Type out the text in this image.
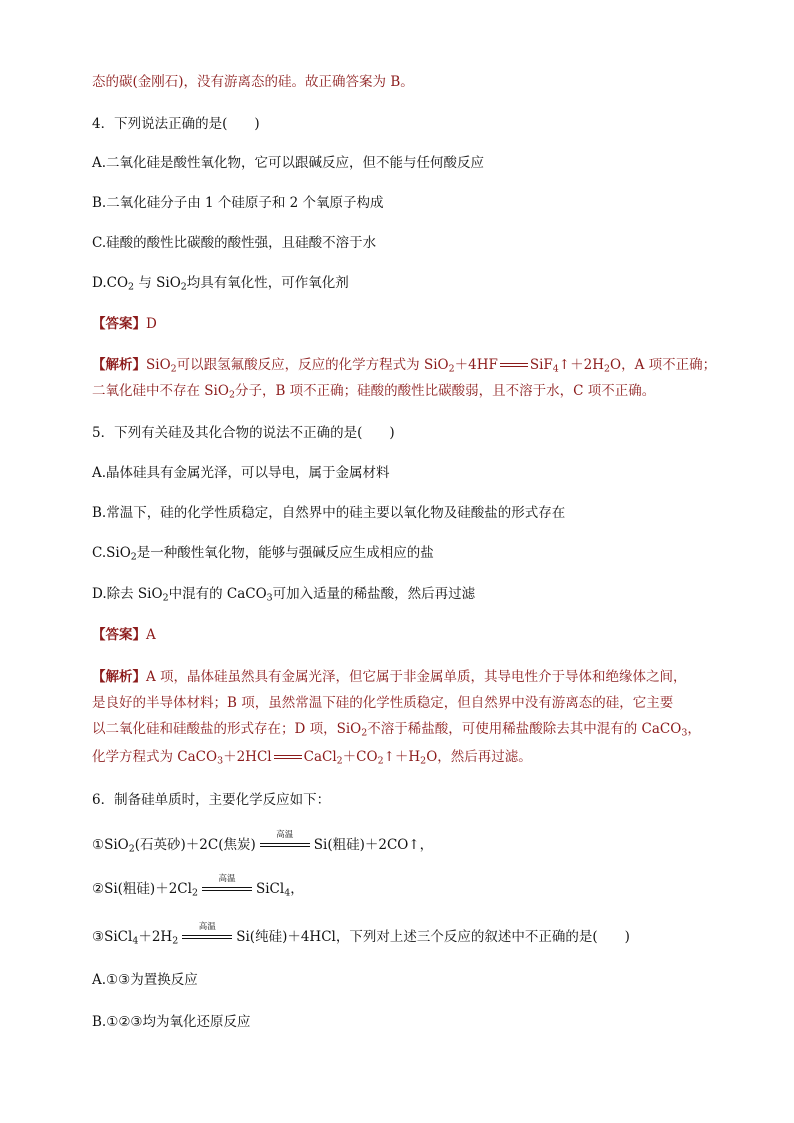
态的碳(金刚石)，没有游离态的硅。故正确答案为 B。
4．下列说法正确的是(　　)
A.二氧化硅是酸性氧化物，它可以跟碱反应，但不能与任何酸反应
B.二氧化硅分子由 1 个硅原子和 2 个氧原子构成
C.硅酸的酸性比碳酸的酸性强，且硅酸不溶于水
$D.CO_2$ 与 SiO$_2$均具有氧化性，可作氧化剂
【答案】D
【解析】SiO$_2$可以跟氢氟酸反应，反应的化学方程式为 SiO$_2$＋4HF $SiF_4↑+2H_2O$，A 项不正确；
二氧化硅中不存在 SiO$_2$分子，B 项不正确；硅酸的酸性比碳酸弱，且不溶于水，C 项不正确。
5．下列有关硅及其化合物的说法不正确的是(　　)
A.晶体硅具有金属光泽，可以导电，属于金属材料
B.常温下，硅的化学性质稳定，自然界中的硅主要以氧化物及硅酸盐的形式存在
C.SiO$_2$是一种酸性氧化物，能够与强碱反应生成相应的盐
D.除去 SiO$_2$中混有的 CaCO$_3$可加入适量的稀盐酸，然后再过滤
【答案】A
【解析】A 项，晶体硅虽然具有金属光泽，但它属于非金属单质，其导电性介于导体和绝缘体之间，
是良好的半导体材料；B 项，虽然常温下硅的化学性质稳定，但自然界中没有游离态的硅，它主要
以二氧化硅和硅酸盐的形式存在；D 项，SiO$_2$不溶于稀盐酸，可使用稀盐酸除去其中混有的 CaCO$_3$，
化学方程式为 CaCO$_3$＋2HCl $CaCl_2+CO_2↑+H_2O$，然后再过滤。
6．制备硅单质时，主要化学反应如下：
①SiO$_2$(石英砂)＋2C(焦炭)
高温
Si(粗硅)＋2CO↑，
②Si(粗硅)$+2Cl_2$
高温
SiCl$_4$，
$③SiCl_4+2H_2$
高温
Si(纯硅)＋4HCl，下列对上述三个反应的叙述中不正确的是(　　)
A.①③为置换反应
B.①②③均为氧化还原反应
